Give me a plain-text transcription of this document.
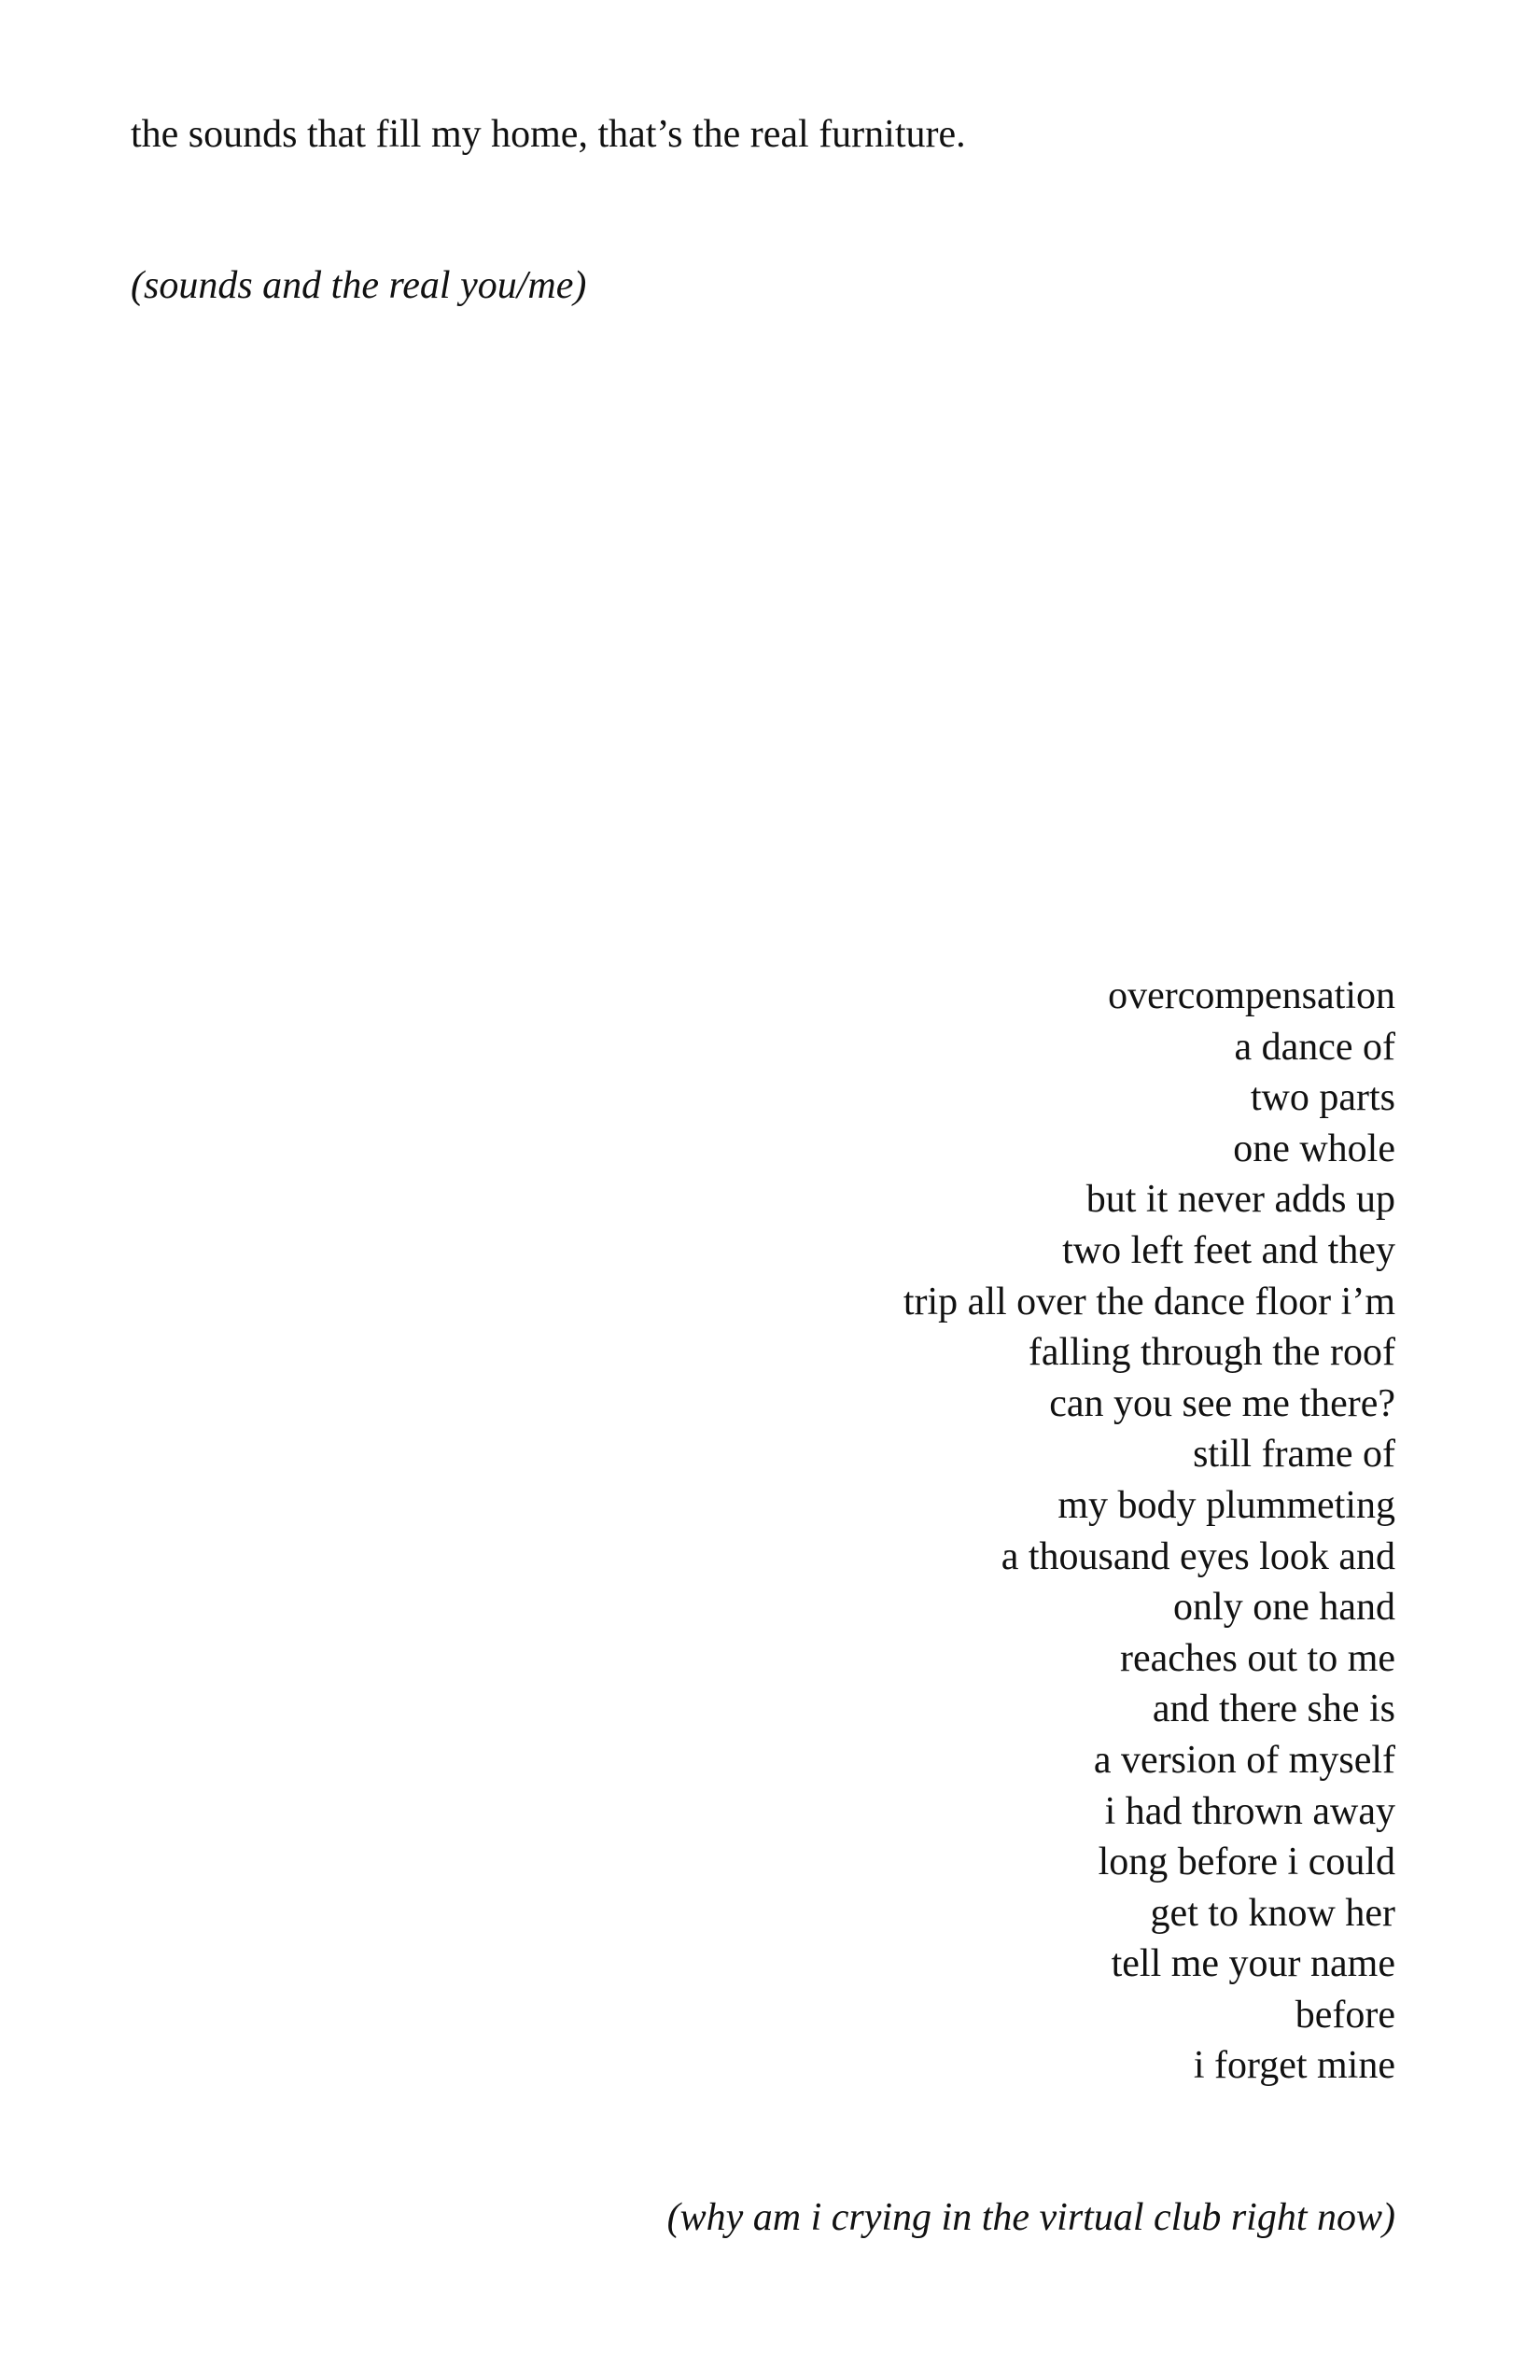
the sounds that fill my home, that’s the real furniture.
(sounds and the real you/me)
overcompensation
a dance of
two parts
one whole
but it never adds up
two left feet and they
trip all over the dance floor i’m
falling through the roof
can you see me there?
still frame of
my body plummeting
a thousand eyes look and
only one hand
reaches out to me
and there she is
a version of myself
i had thrown away
long before i could
get to know her
tell me your name
before
i forget mine
(why am i crying in the virtual club right now)
